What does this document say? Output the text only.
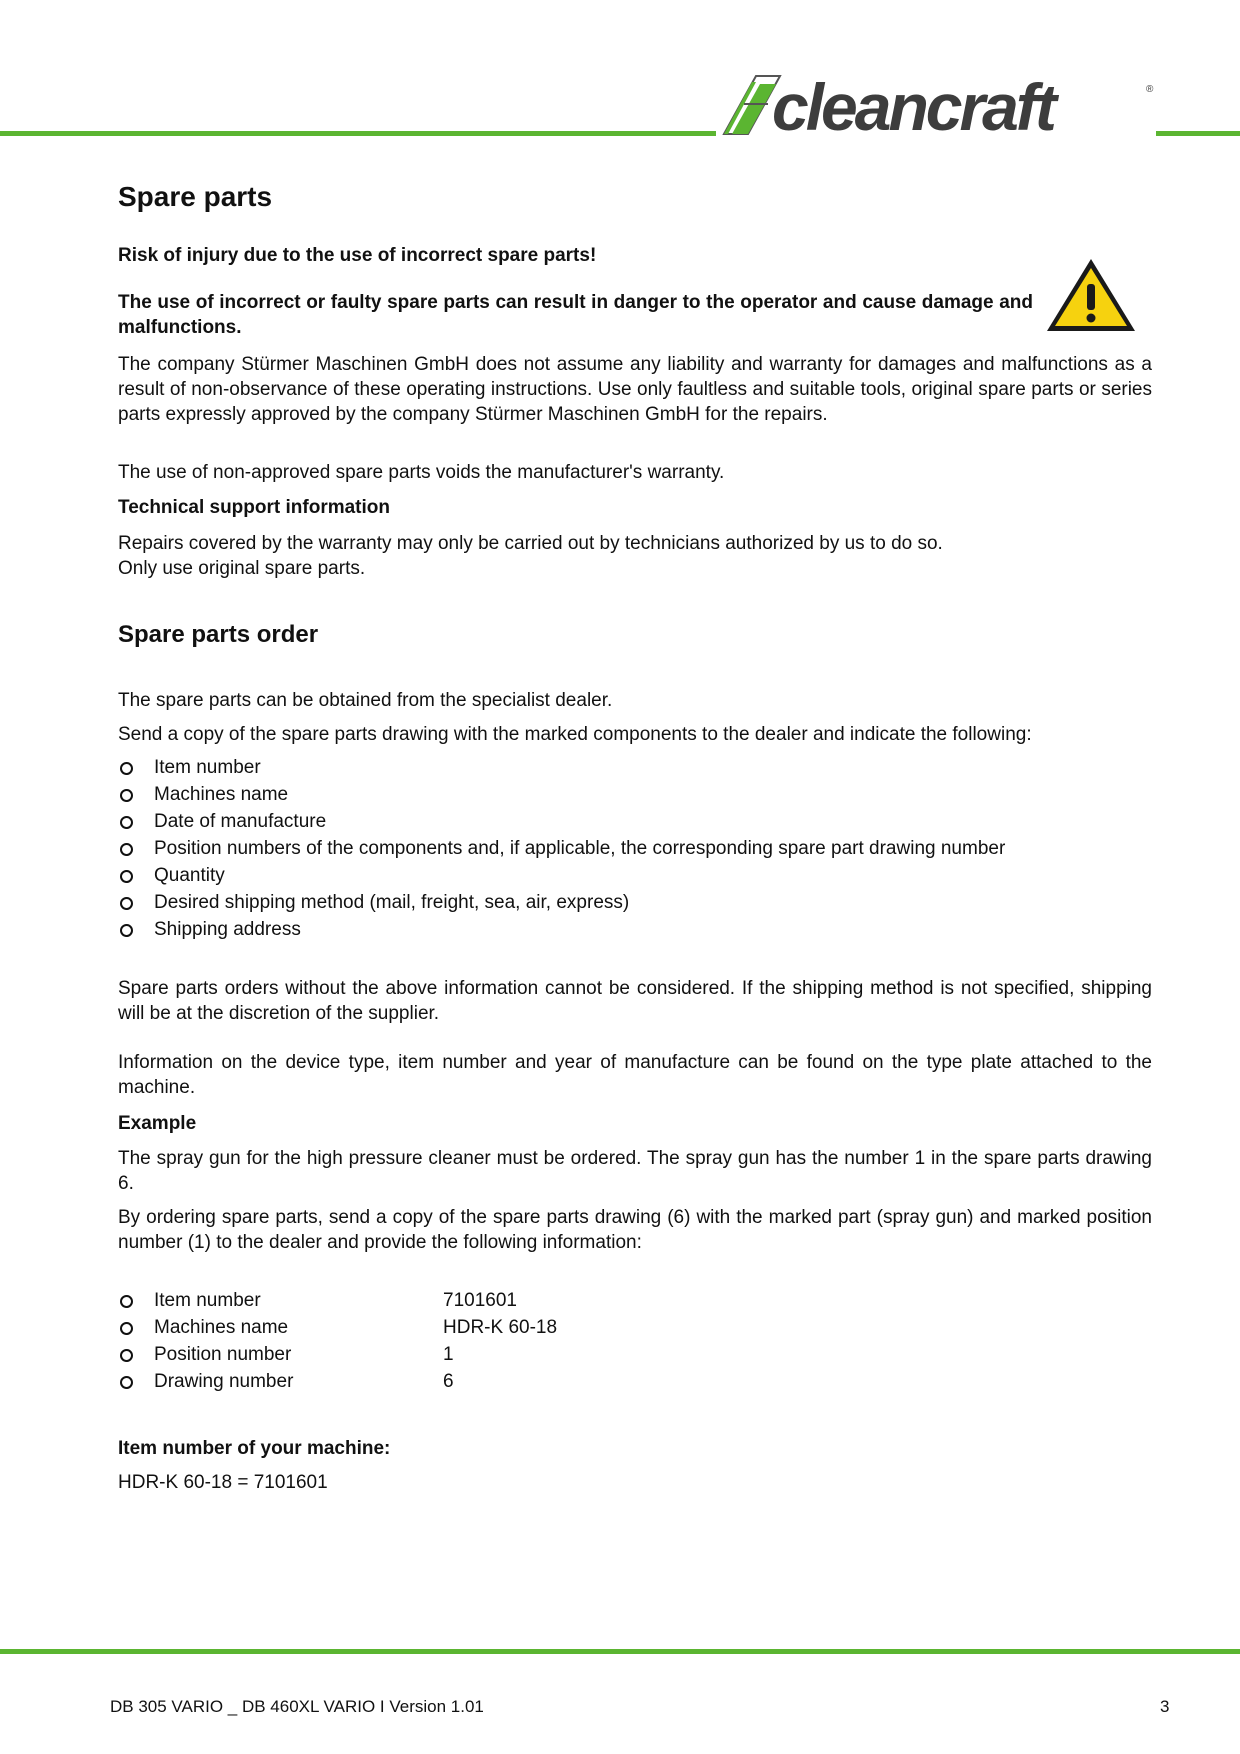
cleancraft	®
Spare parts

Risk of injury due to the use of incorrect spare parts!

The use of incorrect or faulty spare parts can result in danger to the operator and cause damage and malfunctions.

The company Stürmer Maschinen GmbH does not assume any liability and warranty for damages and malfunctions as a result of non-observance of these operating instructions. Use only faultless and suitable tools, original spare parts or series parts expressly approved by the company Stürmer Maschinen GmbH for the repairs.

The use of non-approved spare parts voids the manufacturer's warranty.

Technical support information

Repairs covered by the warranty may only be carried out by technicians authorized by us to do so.

Only use original spare parts.

Spare parts order

The spare parts can be obtained from the specialist dealer.

Send a copy of the spare parts drawing with the marked components to the dealer and indicate the following:

Item number
Machines name
Date of manufacture
Position numbers of the components and, if applicable, the corresponding spare part drawing number
Quantity
Desired shipping method (mail, freight, sea, air, express)
Shipping address

Spare parts orders without the above information cannot be considered. If the shipping method is not specified, shipping will be at the discretion of the supplier.

Information on the device type, item number and year of manufacture can be found on the type plate attached to the machine.

Example

The spray gun for the high pressure cleaner must be ordered. The spray gun has the number 1 in the spare parts drawing 6.

By ordering spare parts, send a copy of the spare parts drawing (6) with the marked part (spray gun) and marked position number (1) to the dealer and provide the following information:

Item number	7101601
Machines name	HDR-K 60-18
Position number	1
Drawing number	6

Item number of your machine:

HDR-K 60-18 = 7101601

DB 305 VARIO _ DB 460XL VARIO I Version 1.01	3
